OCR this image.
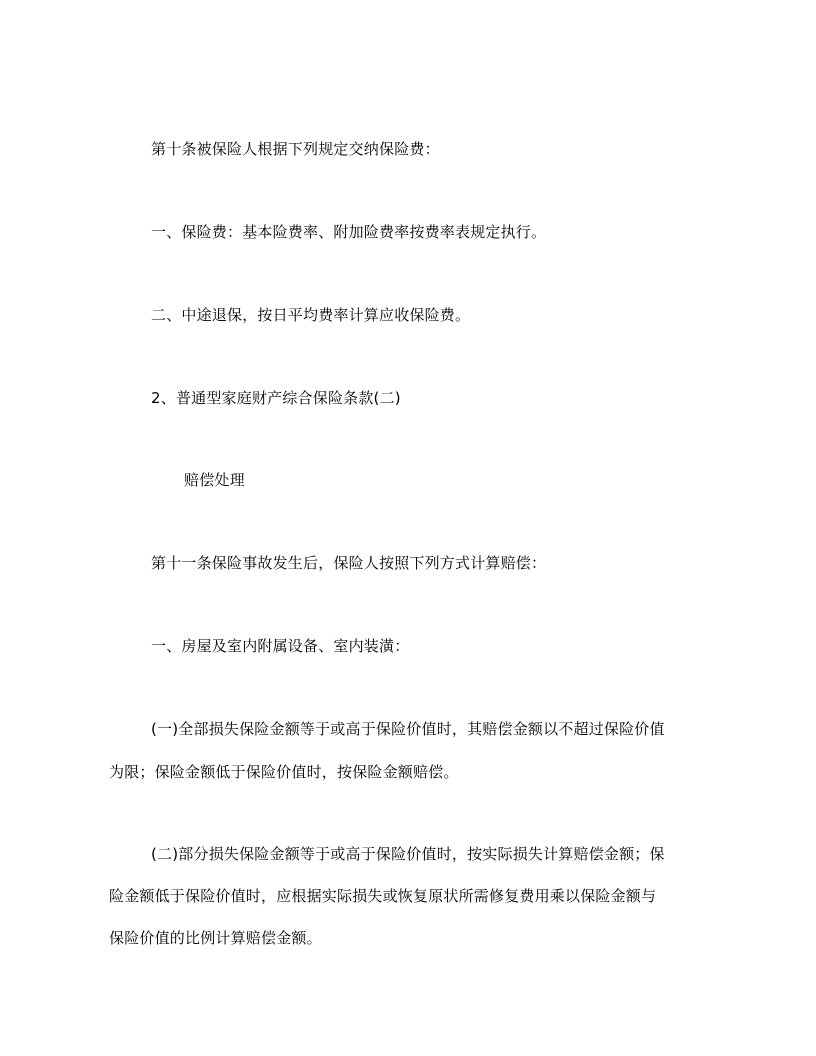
第十条被保险人根据下列规定交纳保险费：
一、保险费：基本险费率、附加险费率按费率表规定执行。
二、中途退保，按日平均费率计算应收保险费。
2、普通型家庭财产综合保险条款(二)
赔偿处理
第十一条保险事故发生后，保险人按照下列方式计算赔偿：
一、房屋及室内附属设备、室内装潢：
(一)全部损失保险金额等于或高于保险价值时，其赔偿金额以不超过保险价值
为限；保险金额低于保险价值时，按保险金额赔偿。
(二)部分损失保险金额等于或高于保险价值时，按实际损失计算赔偿金额；保
险金额低于保险价值时，应根据实际损失或恢复原状所需修复费用乘以保险金额与
保险价值的比例计算赔偿金额。
